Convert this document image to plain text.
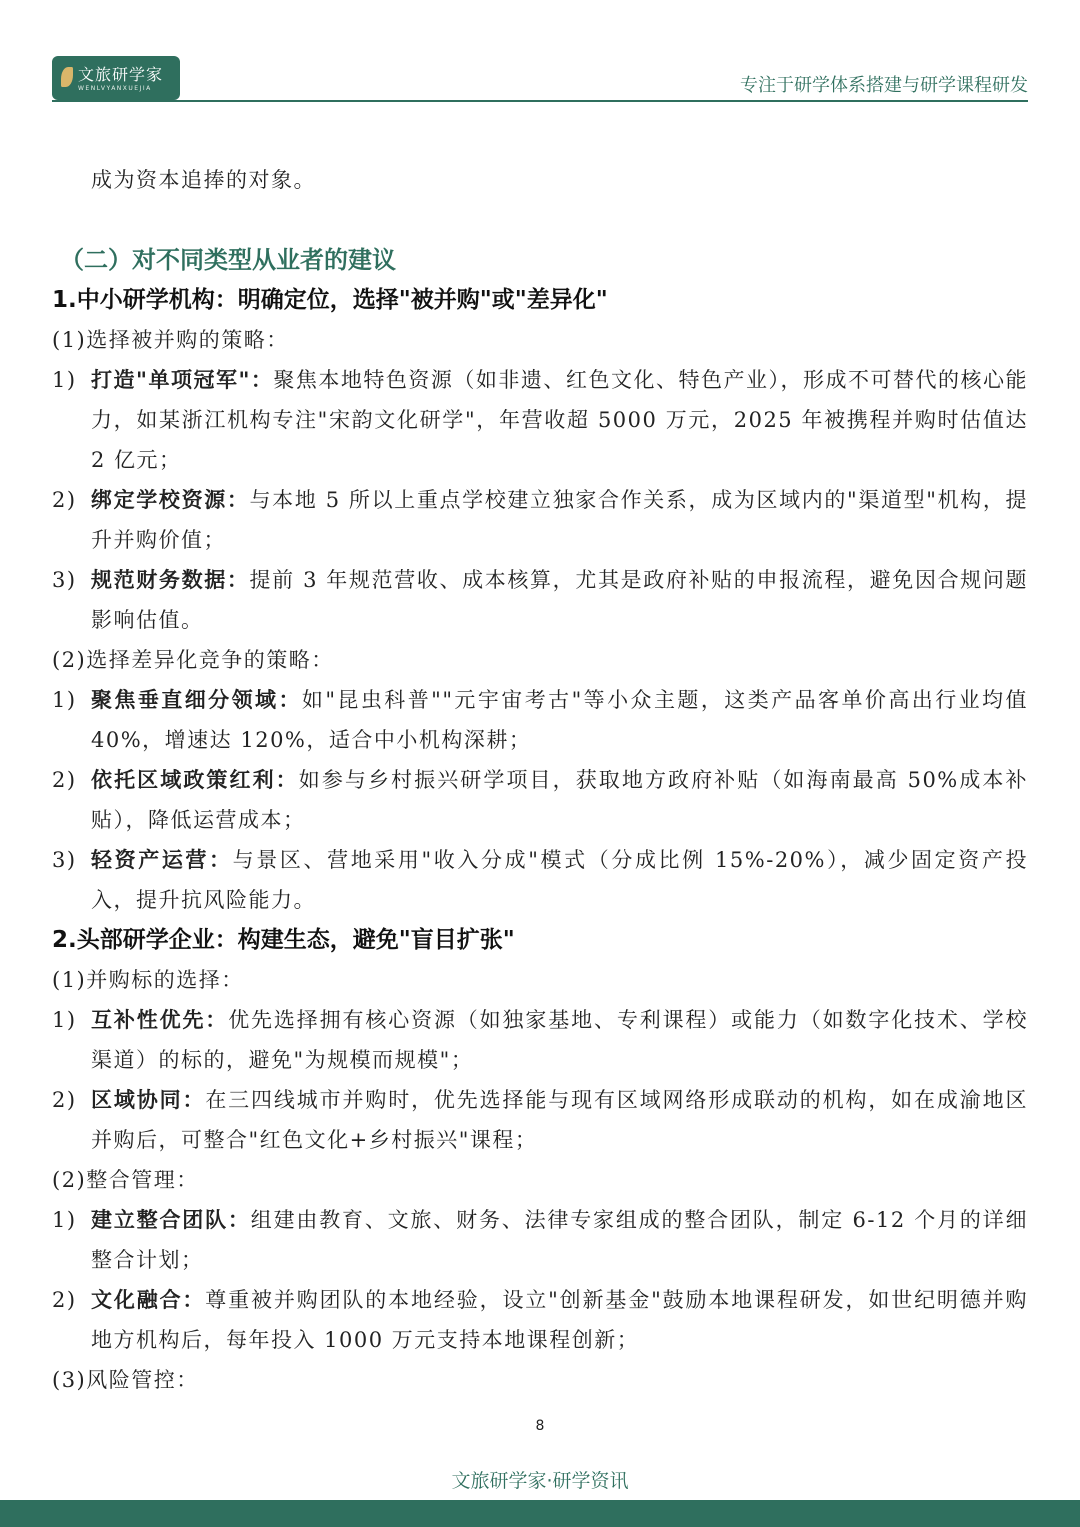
文旅研学家
WENLVYANXUEJIA	专注于研学体系搭建与研学课程研发

成为资本追捧的对象。

（二）对不同类型从业者的建议
1.中小研学机构：明确定位，选择"被并购"或"差异化"

(1)选择被并购的策略：

1) 打造"单项冠军"：聚焦本地特色资源（如非遗、红色文化、特色产业），形成不可替代的核心能力，如某浙江机构专注"宋韵文化研学"，年营收超 5000 万元，2025 年被携程并购时估值达 2 亿元；
2) 绑定学校资源：与本地 5 所以上重点学校建立独家合作关系，成为区域内的"渠道型"机构，提升并购价值；
3) 规范财务数据：提前 3 年规范营收、成本核算，尤其是政府补贴的申报流程，避免因合规问题影响估值。

(2)选择差异化竞争的策略：

1) 聚焦垂直细分领域：如"昆虫科普""元宇宙考古"等小众主题，这类产品客单价高出行业均值 40%，增速达 120%，适合中小机构深耕；
2) 依托区域政策红利：如参与乡村振兴研学项目，获取地方政府补贴（如海南最高 50%成本补贴），降低运营成本；
3) 轻资产运营：与景区、营地采用"收入分成"模式（分成比例 15%-20%），减少固定资产投入，提升抗风险能力。
2.头部研学企业：构建生态，避免"盲目扩张"

(1)并购标的选择：

1) 互补性优先：优先选择拥有核心资源（如独家基地、专利课程）或能力（如数字化技术、学校渠道）的标的，避免"为规模而规模"；
2) 区域协同：在三四线城市并购时，优先选择能与现有区域网络形成联动的机构，如在成渝地区并购后，可整合"红色文化+乡村振兴"课程；

(2)整合管理：

1) 建立整合团队：组建由教育、文旅、财务、法律专家组成的整合团队，制定 6-12 个月的详细整合计划；
2) 文化融合：尊重被并购团队的本地经验，设立"创新基金"鼓励本地课程研发，如世纪明德并购地方机构后，每年投入 1000 万元支持本地课程创新；

(3)风险管控：

8
文旅研学家·研学资讯
